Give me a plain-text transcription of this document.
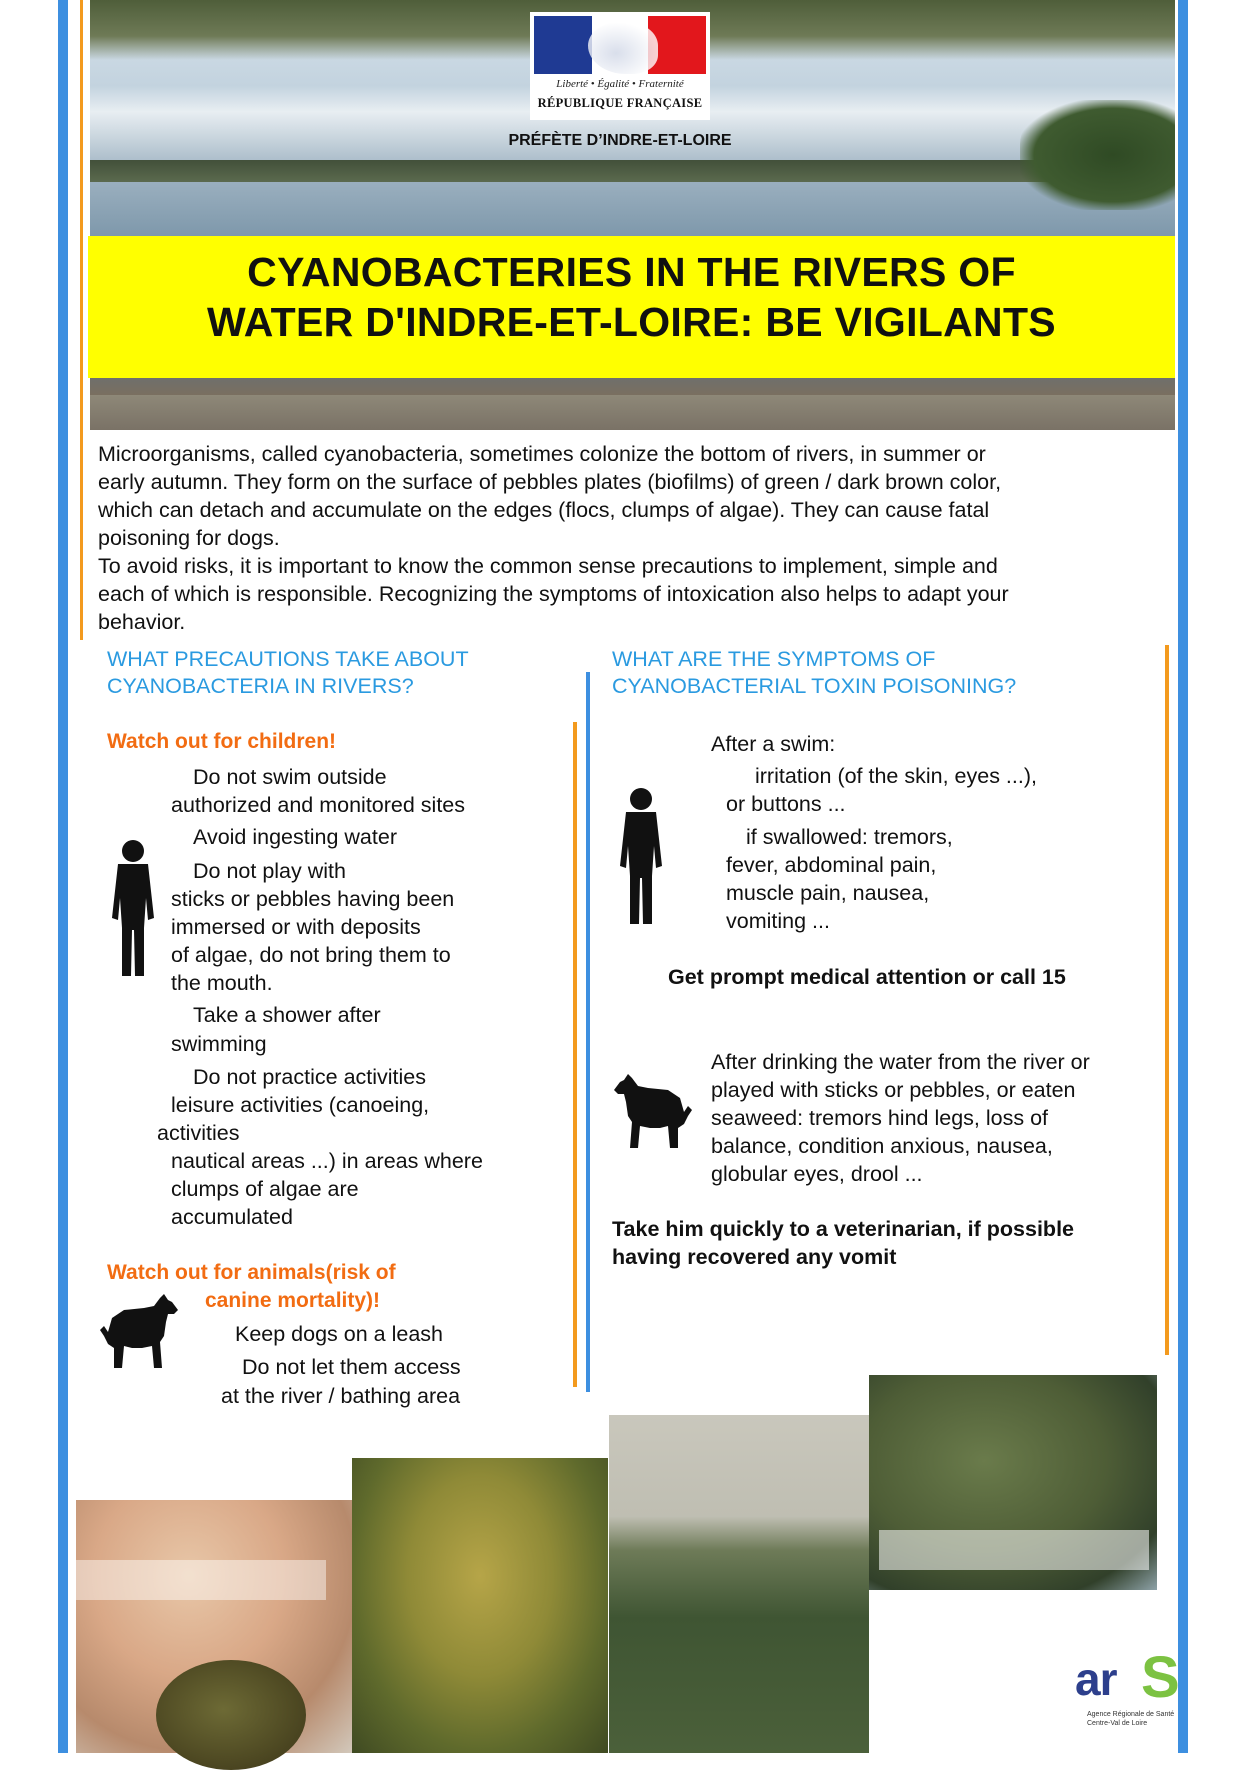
Liberté • Égalité • Fraternité
RÉPUBLIQUE FRANÇAISE
PRÉFÈTE D’INDRE-ET-LOIRE
CYANOBACTERIES IN THE RIVERS OF
WATER D'INDRE-ET-LOIRE: BE VIGILANTS
Microorganisms, called cyanobacteria, sometimes colonize the bottom of rivers, in summer or
early autumn. They form on the surface of pebbles plates (biofilms) of green / dark brown color,
which can detach and accumulate on the edges (flocs, clumps of algae). They can cause fatal
poisoning for dogs.
To avoid risks, it is important to know the common sense precautions to implement, simple and
each of which is responsible. Recognizing the symptoms of intoxication also helps to adapt your
behavior.
WHAT PRECAUTIONS TAKE ABOUT
CYANOBACTERIA IN RIVERS?
WHAT ARE THE SYMPTOMS OF
CYANOBACTERIAL TOXIN POISONING?
Watch out for children!
Do not swim outside
authorized and monitored sites
Avoid ingesting water
Do not play with
sticks or pebbles having been
immersed or with deposits
of algae, do not bring them to
the mouth.
Take a shower after
swimming
Do not practice activities
leisure activities (canoeing,
activities
nautical areas ...) in areas where
clumps of algae are
accumulated
Watch out for animals(risk of
canine mortality)!
Keep dogs on a leash
Do not let them access
at the river / bathing area
After a swim:
irritation (of the skin, eyes ...),
or buttons ...
if swallowed: tremors,
fever, abdominal pain,
muscle pain, nausea,
vomiting ...
Get prompt medical attention or call 15
After drinking the water from the river or
played with sticks or pebbles, or eaten
seaweed: tremors hind legs, loss of
balance, condition anxious, nausea,
globular eyes, drool ...
Take him quickly to a veterinarian, if possible
having recovered any vomit
ar S
Agence Régionale de Santé
Centre-Val de Loire
